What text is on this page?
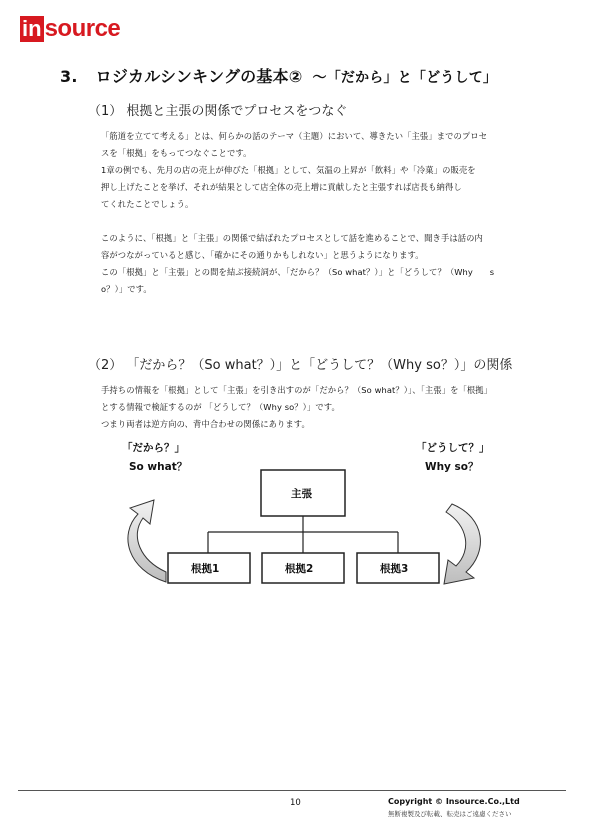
in source
3. ロジカルシンキングの基本② ～「だから」と「どうして」
（1） 根拠と主張の関係でプロセスをつなぐ

「筋道を立てて考える」とは、何らかの話のテーマ（主題）において、導きたい「主張」までのプロセ

スを「根拠」をもってつなぐことです。

1章の例でも、先月の店の売上が伸びた「根拠」として、気温の上昇が「飲料」や「冷菓」の販売を

押し上げたことを挙げ、それが結果として店全体の売上増に貢献したと主張すれば店長も納得し

てくれたことでしょう。

このように、「根拠」と「主張」の関係で結ばれたプロセスとして話を進めることで、聞き手は話の内

容がつながっていると感じ、「確かにその通りかもしれない」と思うようになります。

この「根拠」と「主張」との間を結ぶ接続詞が、「だから？（So what？）」と「どうして？（Why　　s

o？）」です。

（2） 「だから？（So what？）」と「どうして？（Why so？）」の関係

手持ちの情報を「根拠」として「主張」を引き出すのが「だから？（So what？）」、「主張」を「根拠」

とする情報で検証するのが 「どうして？（Why so？）」です。

つまり両者は逆方向の、背中合わせの関係にあります。

「だから？」
So what？
「どうして？」
Why so？
主張
根拠1	根拠2	根拠3
10	Copyright © Insource.Co.,Ltd
無断複製及び転載、転売はご遠慮ください
